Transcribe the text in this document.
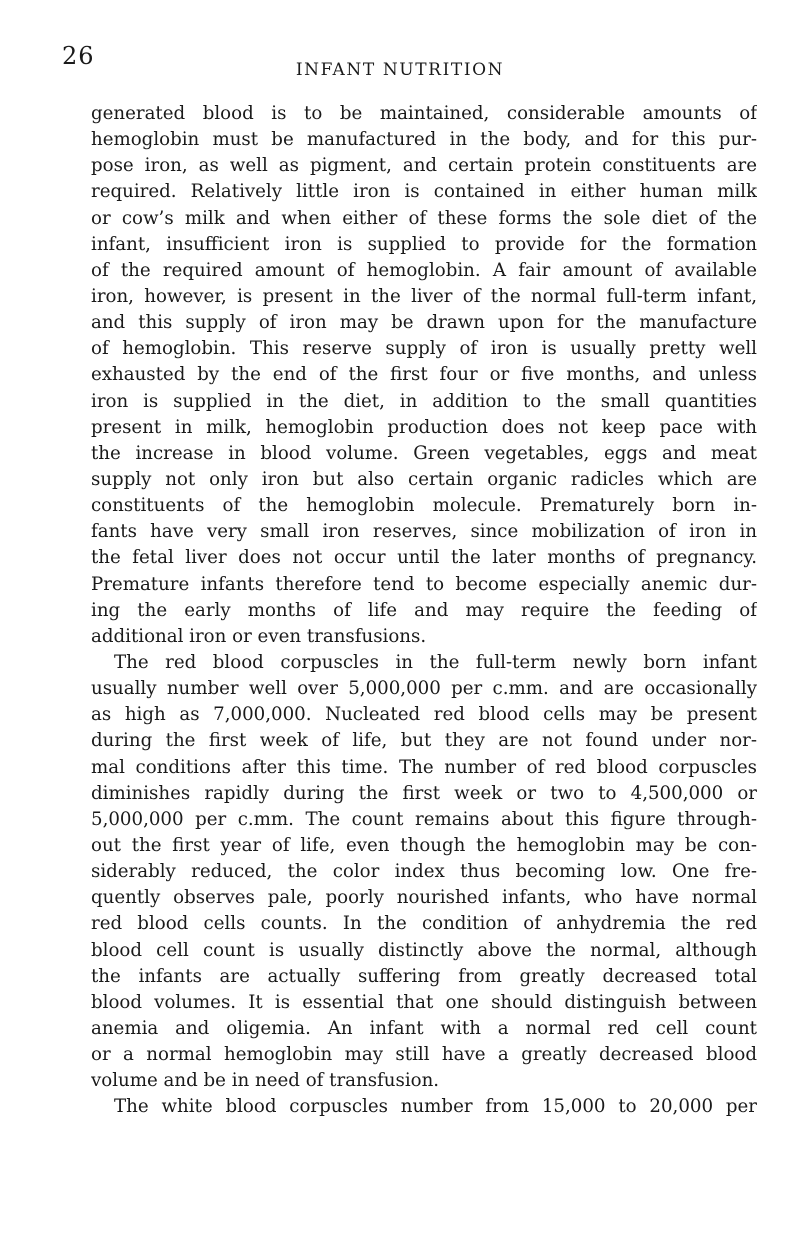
26	INFANT NUTRITION
generated blood is to be maintained, considerable amounts of
hemoglobin must be manufactured in the body, and for this pur-
pose iron, as well as pigment, and certain protein constituents are
required. Relatively little iron is contained in either human milk
or cow’s milk and when either of these forms the sole diet of the
infant, insufficient iron is supplied to provide for the formation
of the required amount of hemoglobin. A fair amount of available
iron, however, is present in the liver of the normal full-term infant,
and this supply of iron may be drawn upon for the manufacture
of hemoglobin. This reserve supply of iron is usually pretty well
exhausted by the end of the first four or five months, and unless
iron is supplied in the diet, in addition to the small quantities
present in milk, hemoglobin production does not keep pace with
the increase in blood volume. Green vegetables, eggs and meat
supply not only iron but also certain organic radicles which are
constituents of the hemoglobin molecule. Prematurely born in-
fants have very small iron reserves, since mobilization of iron in
the fetal liver does not occur until the later months of pregnancy.
Premature infants therefore tend to become especially anemic dur-
ing the early months of life and may require the feeding of
additional iron or even transfusions.
The red blood corpuscles in the full-term newly born infant
usually number well over 5,000,000 per c.mm. and are occasionally
as high as 7,000,000. Nucleated red blood cells may be present
during the first week of life, but they are not found under nor-
mal conditions after this time. The number of red blood corpuscles
diminishes rapidly during the first week or two to 4,500,000 or
5,000,000 per c.mm. The count remains about this figure through-
out the first year of life, even though the hemoglobin may be con-
siderably reduced, the color index thus becoming low. One fre-
quently observes pale, poorly nourished infants, who have normal
red blood cells counts. In the condition of anhydremia the red
blood cell count is usually distinctly above the normal, although
the infants are actually suffering from greatly decreased total
blood volumes. It is essential that one should distinguish between
anemia and oligemia. An infant with a normal red cell count
or a normal hemoglobin may still have a greatly decreased blood
volume and be in need of transfusion.
The white blood corpuscles number from 15,000 to 20,000 per
